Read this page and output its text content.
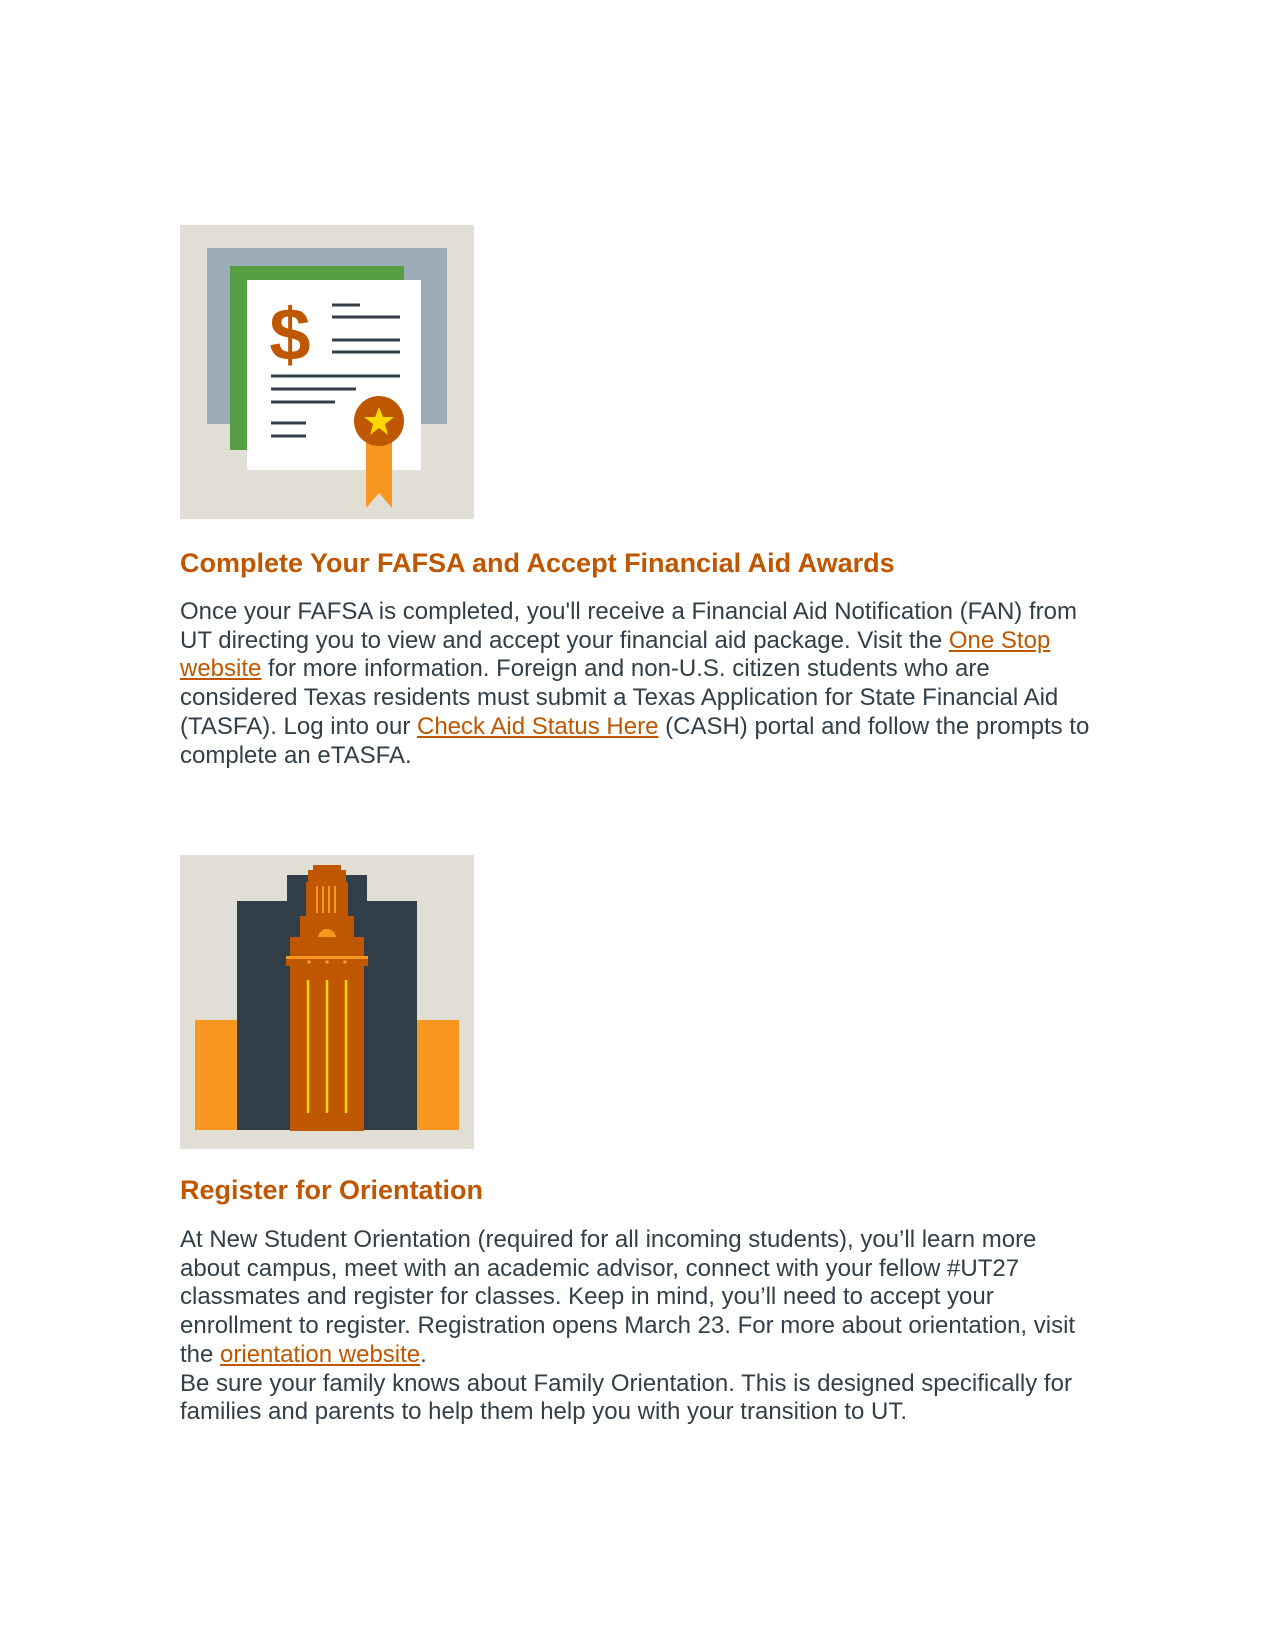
$
Complete Your FAFSA and Accept Financial Aid Awards

Once your FAFSA is completed, you'll receive a Financial Aid Notification (FAN) from UT directing you to view and accept your financial aid package. Visit the One Stop website for more information. Foreign and non-U.S. citizen students who are considered Texas residents must submit a Texas Application for State Financial Aid (TASFA). Log into our Check Aid Status Here (CASH) portal and follow the prompts to complete an eTASFA.

Register for Orientation

At New Student Orientation (required for all incoming students), you’ll learn more about campus, meet with an academic advisor, connect with your fellow #UT27 classmates and register for classes. Keep in mind, you’ll need to accept your enrollment to register. Registration opens March 23. For more about orientation, visit the orientation website.
Be sure your family knows about Family Orientation. This is designed specifically for families and parents to help them help you with your transition to UT.
